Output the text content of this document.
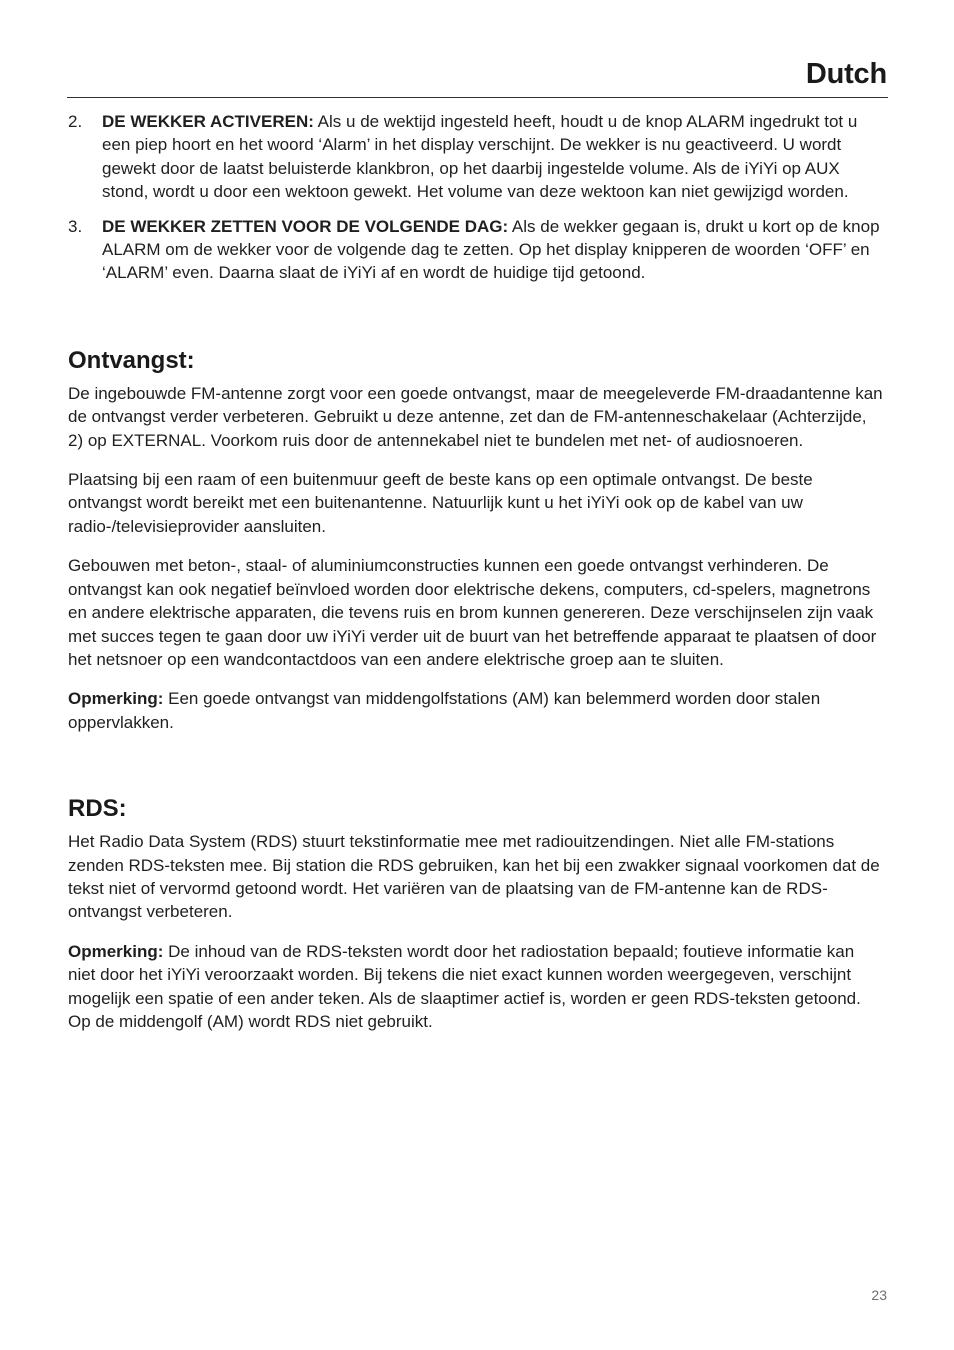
Dutch
2.	DE WEKKER ACTIVEREN: Als u de wektijd ingesteld heeft, houdt u de knop ALARM ingedrukt tot u een piep hoort en het woord ‘Alarm’ in het display verschijnt. De wekker is nu geactiveerd. U wordt gewekt door de laatst beluisterde klankbron, op het daarbij ingestelde volume. Als de iYiYi op AUX stond, wordt u door een wektoon gewekt. Het volume van deze wektoon kan niet gewijzigd worden.
3.	DE WEKKER ZETTEN VOOR DE VOLGENDE DAG: Als de wekker gegaan is, drukt u kort op de knop ALARM om de wekker voor de volgende dag te zetten. Op het display knipperen de woorden ‘OFF’ en ‘ALARM’ even. Daarna slaat de iYiYi af en wordt de huidige tijd getoond.
Ontvangst:

De ingebouwde FM-antenne zorgt voor een goede ontvangst, maar de meegeleverde FM-draadantenne kan de ontvangst verder verbeteren. Gebruikt u deze antenne, zet dan de FM-antenneschakelaar (Achterzijde, 2) op EXTERNAL. Voorkom ruis door de antennekabel niet te bundelen met net- of audiosnoeren.

Plaatsing bij een raam of een buitenmuur geeft de beste kans op een optimale ontvangst. De beste ontvangst wordt bereikt met een buitenantenne. Natuurlijk kunt u het iYiYi ook op de kabel van uw radio-/televisieprovider aansluiten.

Gebouwen met beton-, staal- of aluminiumconstructies kunnen een goede ontvangst verhinderen. De ontvangst kan ook negatief beïnvloed worden door elektrische dekens, computers, cd-spelers, magnetrons en andere elektrische apparaten, die tevens ruis en brom kunnen genereren. Deze verschijnselen zijn vaak met succes tegen te gaan door uw iYiYi verder uit de buurt van het betreffende apparaat te plaatsen of door het netsnoer op een wandcontactdoos van een andere elektrische groep aan te sluiten.

Opmerking: Een goede ontvangst van middengolfstations (AM) kan belemmerd worden door stalen oppervlakken.

RDS:

Het Radio Data System (RDS) stuurt tekstinformatie mee met radiouitzendingen. Niet alle FM-stations zenden RDS-teksten mee. Bij station die RDS gebruiken, kan het bij een zwakker signaal voorkomen dat de tekst niet of vervormd getoond wordt. Het variëren van de plaatsing van de FM-antenne kan de RDS-ontvangst verbeteren.

Opmerking: De inhoud van de RDS-teksten wordt door het radiostation bepaald; foutieve informatie kan niet door het iYiYi veroorzaakt worden. Bij tekens die niet exact kunnen worden weergegeven, verschijnt mogelijk een spatie of een ander teken. Als de slaaptimer actief is, worden er geen RDS-teksten getoond. Op de middengolf (AM) wordt RDS niet gebruikt.

23
